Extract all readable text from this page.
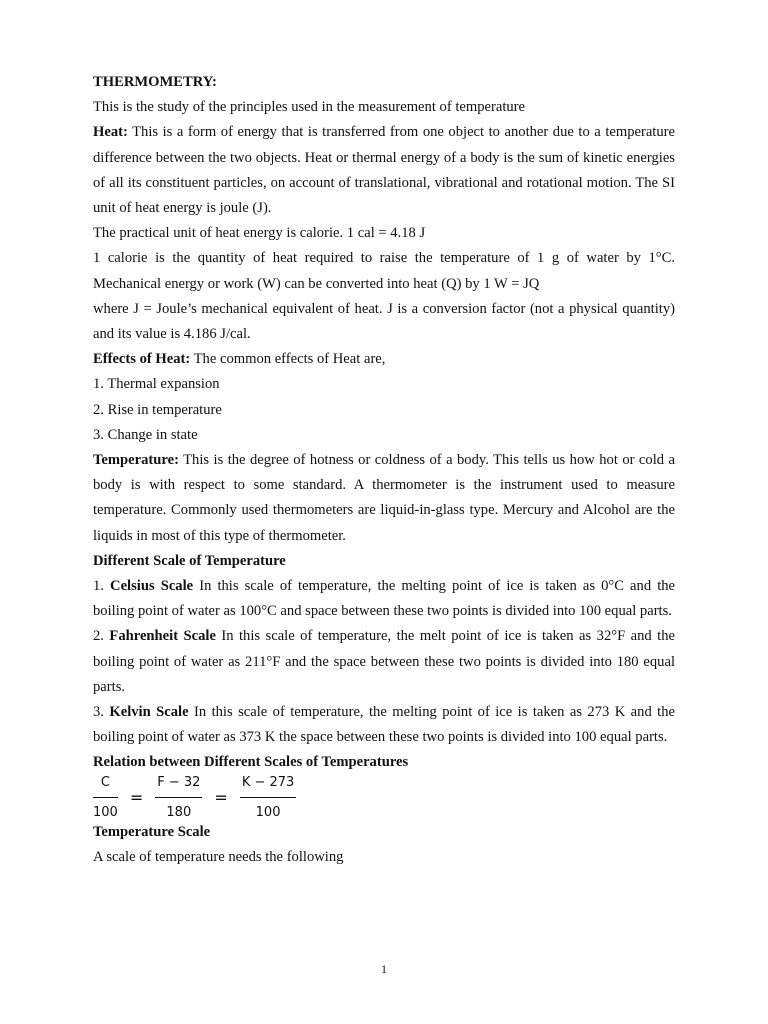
THERMOMETRY:

This is the study of the principles used in the measurement of temperature

Heat: This is a form of energy that is transferred from one object to another due to a temperature difference between the two objects. Heat or thermal energy of a body is the sum of kinetic energies of all its constituent particles, on account of translational, vibrational and rotational motion. The SI unit of heat energy is joule (J).

The practical unit of heat energy is calorie. 1 cal = 4.18 J

1 calorie is the quantity of heat required to raise the temperature of 1 g of water by 1°C. Mechanical energy or work (W) can be converted into heat (Q) by 1 W = JQ

where J = Joule’s mechanical equivalent of heat. J is a conversion factor (not a physical quantity) and its value is 4.186 J/cal.

Effects of Heat: The common effects of Heat are,

1. Thermal expansion

2. Rise in temperature

3. Change in state

Temperature: This is the degree of hotness or coldness of a body. This tells us how hot or cold a body is with respect to some standard. A thermometer is the instrument used to measure temperature. Commonly used thermometers are liquid-in-glass type. Mercury and Alcohol are the liquids in most of this type of thermometer.

Different Scale of Temperature

1. Celsius Scale In this scale of temperature, the melting point of ice is taken as 0°C and the boiling point of water as 100°C and space between these two points is divided into 100 equal parts.

2. Fahrenheit Scale In this scale of temperature, the melt point of ice is taken as 32°F and the boiling point of water as 211°F and the space between these two points is divided into 180 equal parts.

3. Kelvin Scale In this scale of temperature, the melting point of ice is taken as 273 K and the boiling point of water as 373 K the space between these two points is divided into 100 equal parts.

Relation between Different Scales of Temperatures

$\frac{C}{100} = \frac{F - 32}{180} = \frac{K - 273}{100}$

Temperature Scale

A scale of temperature needs the following

1
